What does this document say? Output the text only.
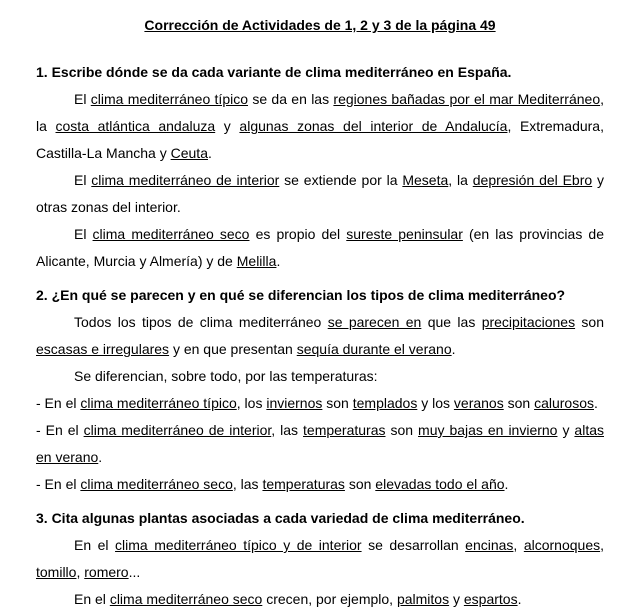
Corrección de Actividades de 1, 2 y 3 de la página 49
1. Escribe dónde se da cada variante de clima mediterráneo en España.

El clima mediterráneo típico se da en las regiones bañadas por el mar Mediterráneo, la costa atlántica andaluza y algunas zonas del interior de Andalucía, Extremadura, Castilla-La Mancha y Ceuta.

El clima mediterráneo de interior se extiende por la Meseta, la depresión del Ebro y otras zonas del interior.

El clima mediterráneo seco es propio del sureste peninsular (en las provincias de Alicante, Murcia y Almería) y de Melilla.

2. ¿En qué se parecen y en qué se diferencian los tipos de clima mediterráneo?

Todos los tipos de clima mediterráneo se parecen en que las precipitaciones son escasas e irregulares y en que presentan sequía durante el verano.

Se diferencian, sobre todo, por las temperaturas:

- En el clima mediterráneo típico, los inviernos son templados y los veranos son calurosos.

- En el clima mediterráneo de interior, las temperaturas son muy bajas en invierno y altas en verano.

- En el clima mediterráneo seco, las temperaturas son elevadas todo el año.

3. Cita algunas plantas asociadas a cada variedad de clima mediterráneo.

En el clima mediterráneo típico y de interior se desarrollan encinas, alcornoques, tomillo, romero...

En el clima mediterráneo seco crecen, por ejemplo, palmitos y espartos.
